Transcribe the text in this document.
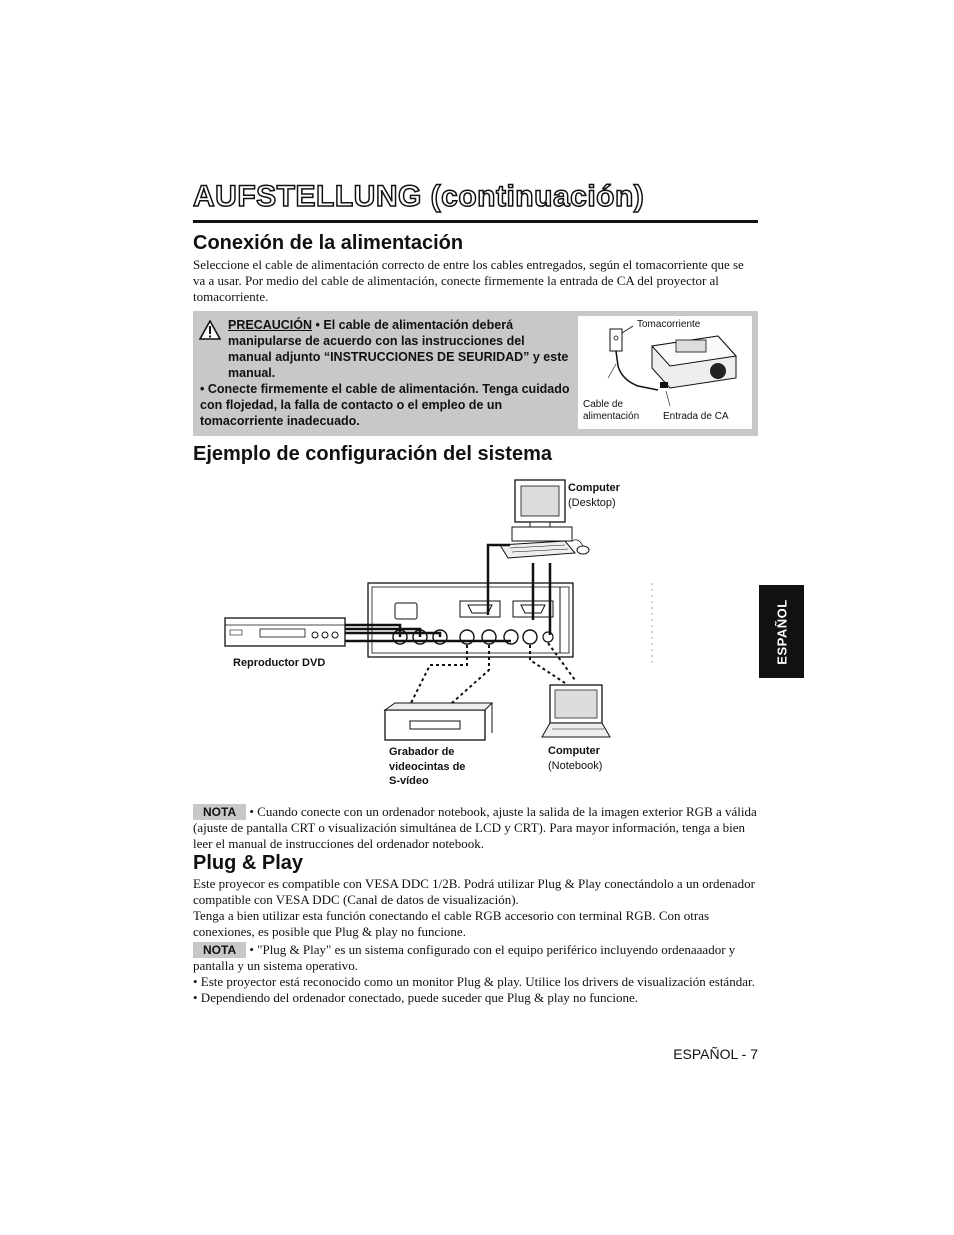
AUFSTELLUNG (continuación)
Conexión de la alimentación
Seleccione el cable de alimentación correcto de entre los cables entregados, según el tomacorriente que se va a usar. Por medio del cable de alimentación, conecte firmemente la entrada de CA del proyector al tomacorriente.
PRECAUCIÓN • El cable de alimentación deberá manipularse de acuerdo con las instrucciones del manual adjunto “INSTRUCCIONES DE SEURIDAD” y este manual.
• Conecte firmemente el cable de alimentación. Tenga cuidado con flojedad, la falla de contacto o el empleo de un tomacorriente inadecuado.
Tomacorriente
Cable de
alimentación Entrada de CA
Ejemplo de configuración del sistema
Computer
(Desktop)
Reproductor DVD
Grabador de
videocintas de
S-vídeo
Computer
(Notebook)
NOTA • Cuando conecte con un ordenador notebook, ajuste la salida de la imagen exterior RGB a válida (ajuste de pantalla CRT o visualización simultánea de LCD y CRT). Para mayor información, tenga a bien leer el manual de instrucciones del ordenador notebook.
Plug & Play
Este proyecor es compatible con VESA DDC 1/2B. Podrá utilizar Plug & Play conectándolo a un ordenador compatible con VESA DDC (Canal de datos de visualización).
Tenga a bien utilizar esta función conectando el cable RGB accesorio con terminal RGB. Con otras conexiones, es posible que Plug & play no funcione.
NOTA • "Plug & Play" es un sistema configurado con el equipo periférico incluyendo ordenaaador y pantalla y un sistema operativo.
• Este proyector está reconocido como un monitor Plug & play. Utilice los drivers de visualización estándar.
• Dependiendo del ordenador conectado, puede suceder que Plug & play no funcione.
ESPAÑOL
ESPAÑOL - 7
